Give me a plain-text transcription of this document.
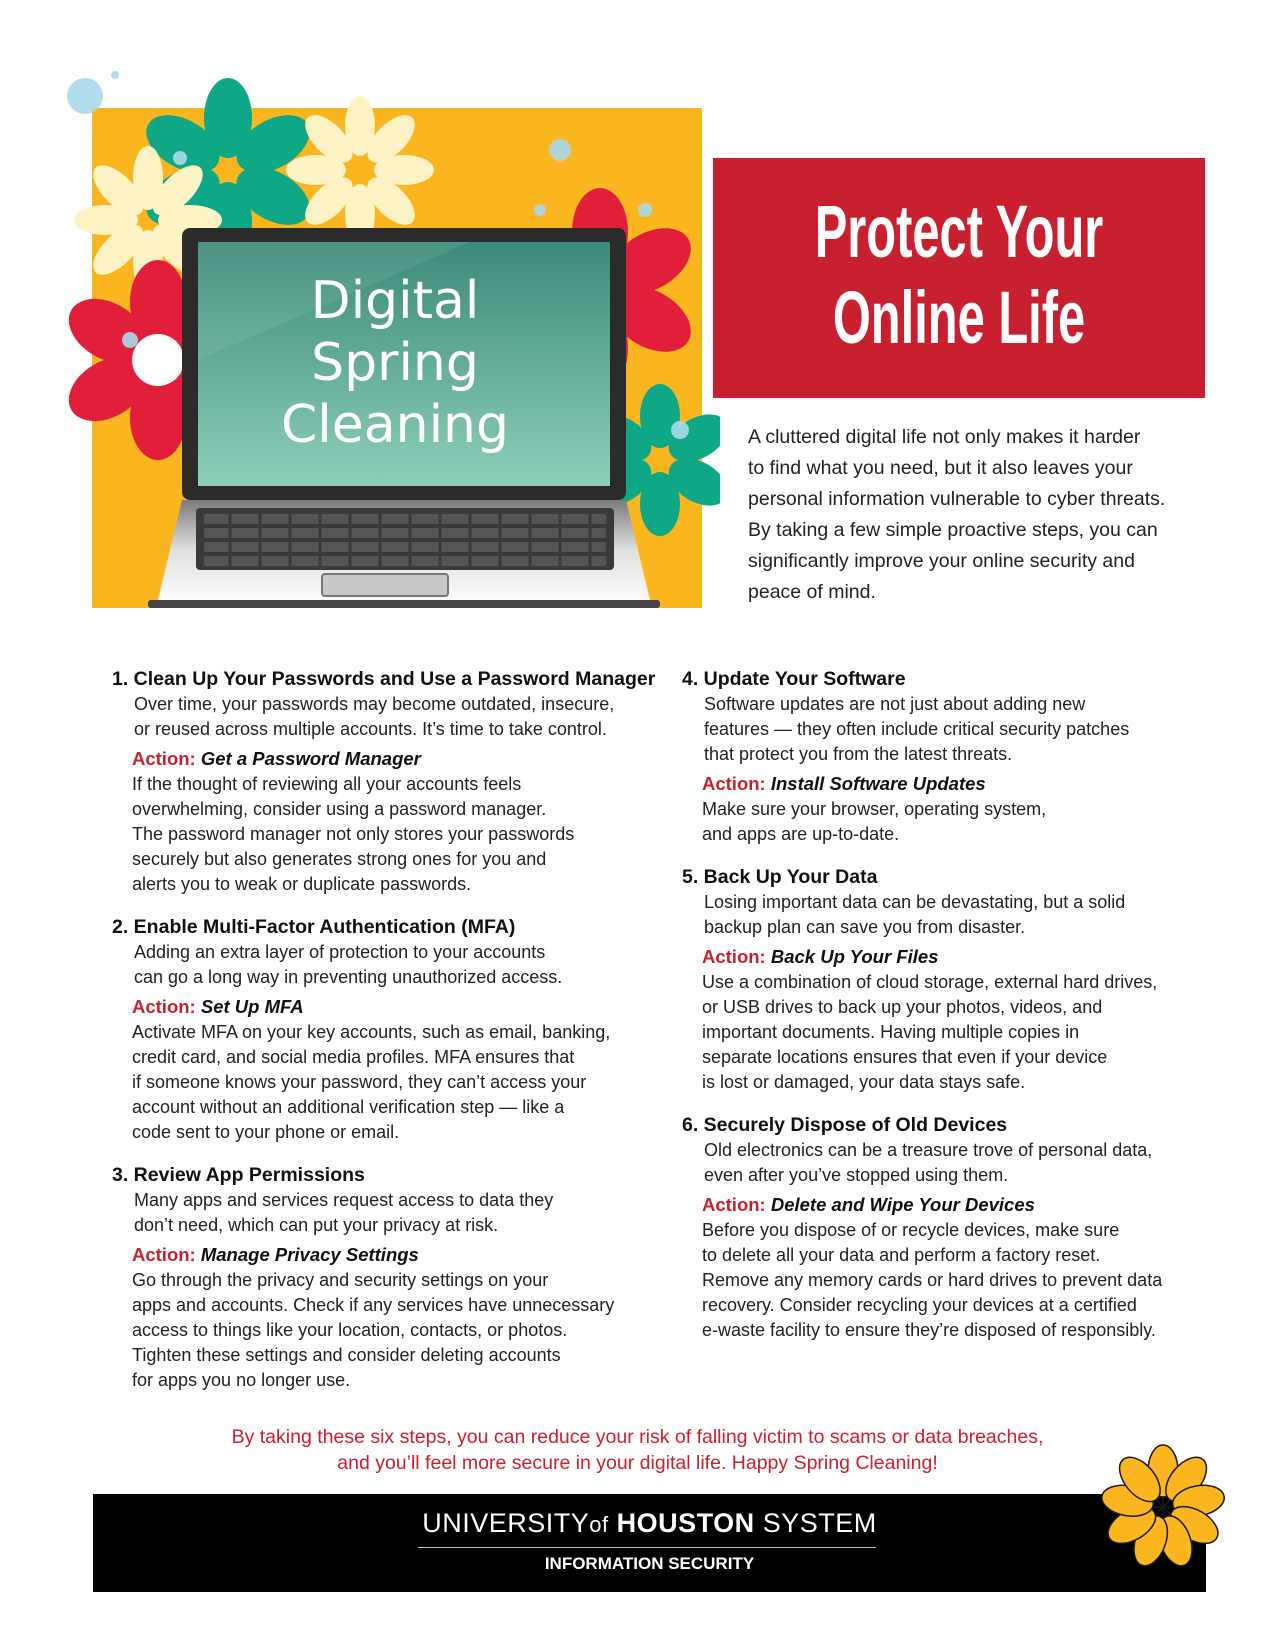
Digital
Spring
Cleaning
Protect Your
Online Life
A cluttered digital life not only makes it harder
to find what you need, but it also leaves your
personal information vulnerable to cyber threats.
By taking a few simple proactive steps, you can
significantly improve your online security and
peace of mind.
1. Clean Up Your Passwords and Use a Password Manager
Over time, your passwords may become outdated, insecure,
or reused across multiple accounts. It’s time to take control.
Action: Get a Password Manager
If the thought of reviewing all your accounts feels
overwhelming, consider using a password manager.
The password manager not only stores your passwords
securely but also generates strong ones for you and
alerts you to weak or duplicate passwords.
2. Enable Multi-Factor Authentication (MFA)
Adding an extra layer of protection to your accounts
can go a long way in preventing unauthorized access.
Action: Set Up MFA
Activate MFA on your key accounts, such as email, banking,
credit card, and social media profiles. MFA ensures that
if someone knows your password, they can’t access your
account without an additional verification step — like a
code sent to your phone or email.
3. Review App Permissions
Many apps and services request access to data they
don’t need, which can put your privacy at risk.
Action: Manage Privacy Settings
Go through the privacy and security settings on your
apps and accounts. Check if any services have unnecessary
access to things like your location, contacts, or photos.
Tighten these settings and consider deleting accounts
for apps you no longer use.
4. Update Your Software
Software updates are not just about adding new
features — they often include critical security patches
that protect you from the latest threats.
Action: Install Software Updates
Make sure your browser, operating system,
and apps are up-to-date.
5. Back Up Your Data
Losing important data can be devastating, but a solid
backup plan can save you from disaster.
Action: Back Up Your Files
Use a combination of cloud storage, external hard drives,
or USB drives to back up your photos, videos, and
important documents. Having multiple copies in
separate locations ensures that even if your device
is lost or damaged, your data stays safe.
6. Securely Dispose of Old Devices
Old electronics can be a treasure trove of personal data,
even after you’ve stopped using them.
Action: Delete and Wipe Your Devices
Before you dispose of or recycle devices, make sure
to delete all your data and perform a factory reset.
Remove any memory cards or hard drives to prevent data
recovery. Consider recycling your devices at a certified
e-waste facility to ensure they’re disposed of responsibly.
By taking these six steps, you can reduce your risk of falling victim to scams or data breaches,
and you’ll feel more secure in your digital life. Happy Spring Cleaning!
UNIVERSITYof HOUSTON SYSTEM
INFORMATION SECURITY
